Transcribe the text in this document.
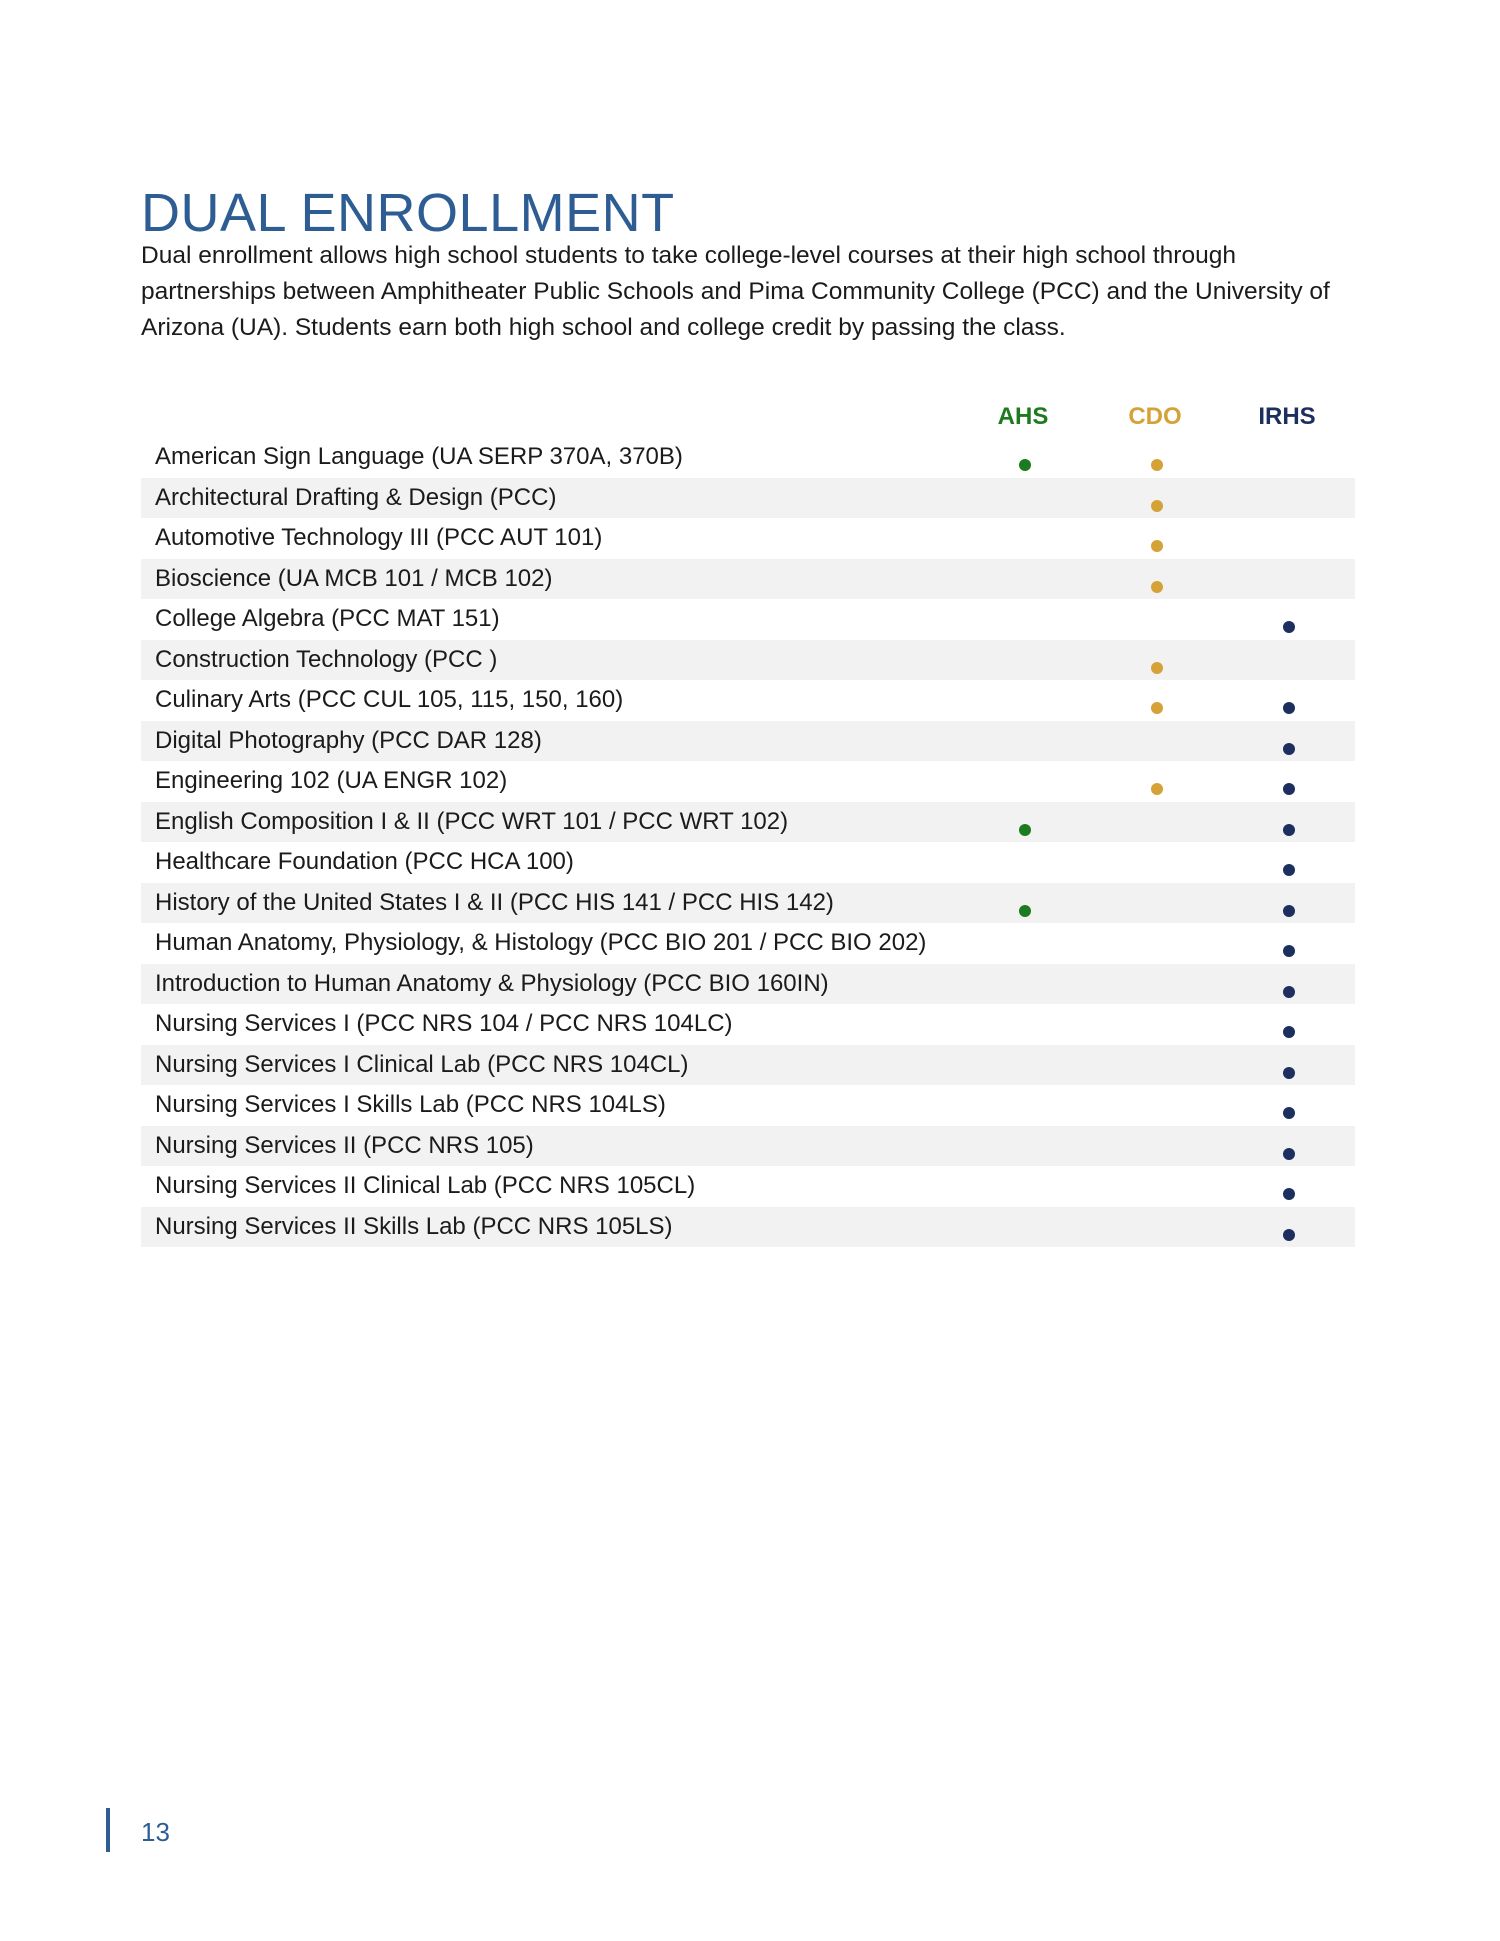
DUAL ENROLLMENT

Dual enrollment allows high school students to take college-level courses at their high school through partnerships between Amphitheater Public Schools and Pima Community College (PCC) and the University of Arizona (UA). Students earn both high school and college credit by passing the class.

AHS	CDO	IRHS
American Sign Language (UA SERP 370A, 370B)
Architectural Drafting & Design (PCC)
Automotive Technology III (PCC AUT 101)
Bioscience (UA MCB 101 / MCB 102)
College Algebra (PCC MAT 151)
Construction Technology (PCC )
Culinary Arts (PCC CUL 105, 115, 150, 160)
Digital Photography (PCC DAR 128)
Engineering 102 (UA ENGR 102)
English Composition I & II (PCC WRT 101 / PCC WRT 102)
Healthcare Foundation (PCC HCA 100)
History of the United States I & II (PCC HIS 141 / PCC HIS 142)
Human Anatomy, Physiology, & Histology (PCC BIO 201 / PCC BIO 202)
Introduction to Human Anatomy & Physiology (PCC BIO 160IN)
Nursing Services I (PCC NRS 104 / PCC NRS 104LC)
Nursing Services I Clinical Lab (PCC NRS 104CL)
Nursing Services I Skills Lab (PCC NRS 104LS)
Nursing Services II (PCC NRS 105)
Nursing Services II Clinical Lab (PCC NRS 105CL)
Nursing Services II Skills Lab (PCC NRS 105LS)
13
